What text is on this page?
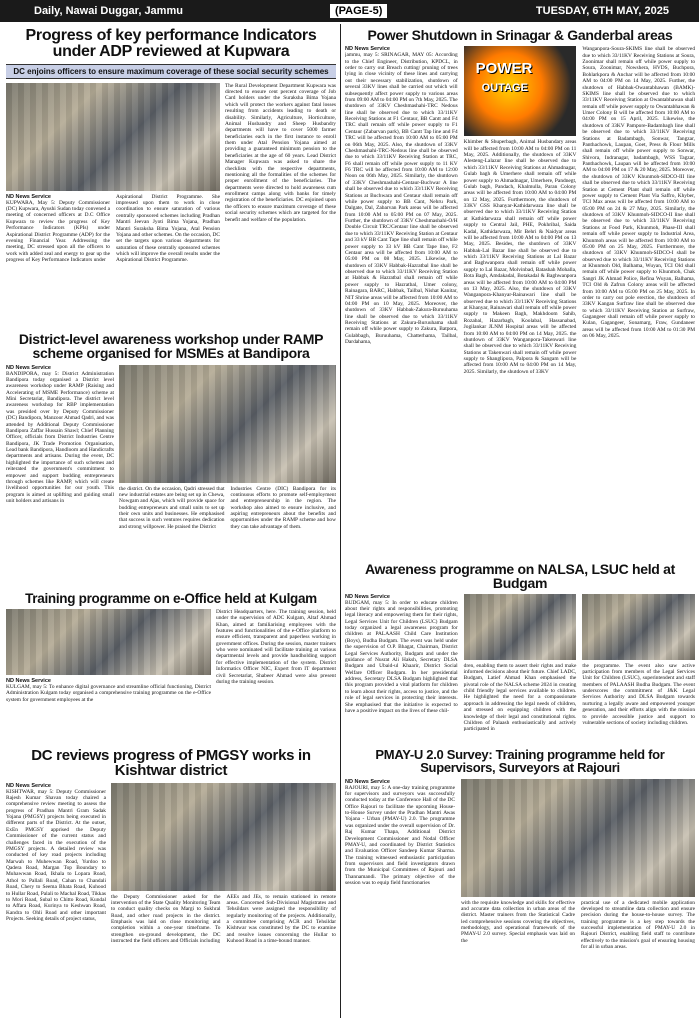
Daily, Nawai Duggar, Jammu	(PAGE-5)	TUESDAY, 6TH MAY, 2025
Progress of key performance Indicators under ADP reviewed at Kupwara
DC enjoins officers to ensure maximum coverage of these social security schemes
ND News Service
KUPWARA, May 5: Deputy Commissioner (DC) Kupwara, Ayushi Sudan today convened a meeting of concerned officers at D.C Office Kupwara to review the progress of Key Performance Indicators (KPIs) under Aspirational District Programme (ADP) for the evening Financial Year. Addressing the meeting, DC stressed upon all the officers to work with added zeal and energy to gear up the progress of Key Performance Indicators under
Aspirational District Programme. She impressed upon them to work in close coordination to ensure saturation of various centrally sponsored schemes including Pradhan Mantri Jeevan Jyoti Bima Yojana, Pradhan Mantri Suraksha Bima Yojana, Atal Pension Yojana and other schemes. On the occasion, DC set the targets upon various departments for saturation of these centrally sponsored schemes which will improve the overall results under the Aspirational District Programme.
The Rural Development Department Kupwara was directed to ensure cent percent coverage of Job Card holders under the Suraksha Bima Yojana which will protect the workers against fatal losses resulting from accidents leading to death or disability. Similarly, Agriculture, Horticulture, Animal Husbandry and Sheep Husbandry departments will have to cover 5000 farmer beneficiaries each in the first instance to enroll them under Atal Pension Yojana aimed at providing a guaranteed minimum pension to the beneficiaries at the age of 60 years. Lead District Manager Kupwara was asked to share the checklists with the respective departments, mentioning all the formalities of the schemes for proper enrollment of the beneficiaries. The departments were directed to hold awareness cum enrollment camps along with banks for timely registration of the beneficiaries. DC enjoined upon the officers to ensure maximum coverage of these social security schemes which are targeted for the benefit and welfare of the population.
Power Shutdown in Srinagar & Ganderbal areas
ND News Service
jammu, may 5: SRINAGAR, MAY 05: According to the Chief Engineer, Distribution, KPDCL, in order to carry out Breach cutting/ pruning of trees lying in close vicinity of these lines and carrying out their necessary stabilization, shutdown of several 33KV lines shall be carried out which will subsequently affect power supply to various areas from 09:00 AM to 04:00 PM on 7th May, 2025. The shutdown of 33KV Cheshmashahi-TRC Nedous line shall be observed due to which 33/11KV Receiving Stations at F1 Centaur, BB Cantt and F4 TRC shall remain off while power supply to F1 Centaur (Zabarvan park), BB Cantt Tap line and F4 TRC will be affected from 10:00 AM to 05:00 PM on 06th May, 2025. Also, the shutdown of 33KV Cheshmashahi-TRC-Nedous line shall be observed due to which 33/11KV Receiving Station at TRC, F6 shall remain off while power supply to 11 KV F6 TRC will be affected from 10:00 AM to 12:00 Noon on 06th May, 2025. Similarly, the shutdown of 33KV Cheshmashahi-Centaur-Buchwar A line shall be observed due to which 33/11KV Receiving Stations at Buchwara and Centaur shall remain off while power supply to BB Cant, Nehru Park, Dalgate, Dal, Zabarvan Park areas will be affected from 10:00 AM to 05:00 PM on 07 May, 2025. Further, the shutdown of 33KV Cheshmashahi-O/H Double Circuit TRC/Centaur line shall be observed due to which 33/11KV Receiving Station at Centaur and 33 kV BB Cant Tape line shall remain off while power supply to 33 kV BB Cant Tape line, F2 Centaur area will be affected from 10:00 AM to 05:00 PM on 08 May, 2025. Likewise, the shutdown of 33KV Habbak-Hazratbal line shall be observed due to which 33/11KV Receiving Station at Habbak & Hazratbal shall remain off while power supply to Hazratbal, Umer colony, Rainagara, BARC, Habbak, Tailbal, Nishat Kanitar, NIT Shrine areas will be affected from 10:00 AM to 04:00 PM on 10 May, 2025. Moreover, the shutdown of 33KV Habbak-Zakura-Buruuhama line shall be observed due to which 33/11KV Receiving Stations at Zakura-Buruuhama shall remain off while power supply to Zakura, Batpora, Gulabbagh, Buruuhama, Chatterhama, Tailbal, Dardahama,
POWER
OUTAGE
Khimber & Shuperbagh, Animal Husbandary areas will be affected from 10:00 AM to 04:00 PM on 11 May, 2025. Additionally, the shutdown of 33KV Alesteng-Lalazur line shall be observed due to which 33/11KV Receiving Stations at Ahmadnagar, Gulab bagh & Umerhere shall remain off while power supply to Ahmadnagar, Umerhere, Pandnegt, Gulab bagh, Pandach, Khalmulla, Paran Colony areas will be affected from 10:00 AM to 04:00 PM on 12 May, 2025. Furthermore, the shutdown of 33KV GSS Khanyar-Kathidarwaza line shall be observed due to which 33/11KV Receiving Station at Kathidarwaza shall remain off while power supply to Central Jail, PHE, Pokhribal, Saida Kadal, Kathidarwaza, Mir Behri & Naidyar areas will be affected from 10:00 AM to 04:00 PM on 13 May, 2025. Besides, the shutdown of 33KV Habbak-Lal Bazar line shall be observed due to which 33/11KV Receiving Stations at Lal Bazar and Baghwanpora shall remain off while power supply to Lal Bazar, Molvinbad, Batashah Mohalla, Bota Bagh, Amdakadal, Botakadal & Baghwanpora areas will be affected from 10:00 AM to 04:00 PM on 13 May, 2025. Also, the shutdown of 33KV Wanganpora-Khanyar-Rainawari line shall be observed due to which 33/11KV Receiving Stations at Khanyar, Rainawari shall remain off while power supply to Makeen Bagh, Makhdoom Sahib, Rozabal, Hazarbagh, Koolabal, Hassanabad, Jogilankar JLNM Hospital areas will be affected from 10:00 AM to 04:00 PM on 14 May, 2025. the shutdown of 33KV Wanganpora-Takenwari line shall be observed due to which 33/11KV Receiving Stations at Takenwari shall remain off while power supply to Shanglipora, Palpora & Sangam will be affected from 10:00 AM to 04:00 PM on 14 May, 2025. Similarly, the shutdown of 33KV
Wanganpora-Soura-SKIMS line shall be observed due to which 33/11KV Receiving Stations at Soura, Zoonimar shall remain off while power supply to Soura, Zoonimar, Nowshera, HVDS, Buchpora, Bohlarkpora & Anchar will be affected from 10:00 AM to 04:00 PM on 14 May, 2025. Further, the shutdown of Habbak-Owantabhawan (BAMK)-SKIMS line shall be observed due to which 33/11KV Receiving Station at Owantabhawan shall remain off while power supply to Owantabhawan & Umer Colony B will be affected from 10:00 AM to 04:00 PM on 15 April, 2025. Likewise, the shutdown of 33KV Pampore-Badambagh line shall be observed due to which 33/11KV Receiving Stations at Badambagh, Sonwar, Tangzar, Panthachowk, Laupan, Goet, Press & Flour Mills shall remain off while power supply to Sonwar, Shivora, Indranagar, badambagh, WSS Tagzar, Panthachowk, Laupan will be affected from 10:00 AM to 04:00 PM on 17 & 20 May, 2025. Moreover, the shutdown of 33KV Khunmoh-SIDCO-III line shall be observed due to which 33/11KV Receiving Station at Cement Plant shall remain off while power supply to Cement Plant Via Saffro, Khyber, TCI Max areas will be affected from 10:00 AM to 05:00 PM on 24 & 27 May, 2025. Similarly, the shutdown of 33KV Khunmoh-SIDCO-II line shall be observed due to which 33/11KV Receiving Stations at Food Park, Khunmoh, Phase-III shall remain off while power supply to Industrial Area, Khunmoh areas will be affected from 10:00 AM to 05:00 PM on 25 May, 2025. Furthermore, the shutdown of 33KV Khunmoh-SIDCO-I shall be observed due to which 33/11KV Receiving Stations at Khunmoh Old, Balhama, Wuyan, TCI Old shall remain off while power supply to Khunmoh, Chak Sangri JK Ahmad Police, Refina Wuyan, Balhama, TCI Old & Zafrun Colony areas will be affected from 10:00 AM to 05:00 PM on 25 May, 2025. In order to carry out pole erection, the shutdown of 33KV Kangan Surfraw line shall be observed due to which 33/11KV Receiving Station at Surfraw, Gagangeer shall remain off while power supply to Kulan, Gagangeer, Sonamarg, Fraw, Gundaneer areas will be affected from 10:00 AM to 01:30 PM on 06 May, 2025.
District-level awareness workshop under RAMP scheme organised for MSMEs at Bandipora
ND News Service
BANDIPORA, may 5: District Administration Bandipora today organised a District level awareness workshop under RAMP (Raising and Accelerating of MSME Performance) scheme at Mini Secretariat, Bandipora. The district level awareness workshop for RBP implementation was presided over by Deputy Commissioner (DC) Bandipora, Manzoor Ahmad Qadri, and was attended by Additional Deputy Commissioner Bandipora Zaffar Hussain Shawl; Chief Planning Officer, officials from District Industries Centre Bandipora, JK Trade Promotion Organisation, Lead bank Bandipora, Handloom and Handicrafts departments and artisans. During the event, DC highlighted the importance of such schemes and reiterated the government's commitment to empower and support budding entrepreneurs through schemes like RAMP, which will create livelihood opportunities for our youth. This program is aimed at uplifting and guiding small unit holders and artisans in
the district. On the occasion, Qadri stressed that new industrial estates are being set up in Chewa, Nowgam and Ajas, which will provide space for budding entrepreneurs and small units to set up their own units and businesses. He emphasised that success in such ventures requires dedication and strong willpower. He praised the District
Industries Centre (DIC) Bandipora for its continuous efforts to promote self-employment and entrepreneurship in the region. The workshop also aimed to ensure inclusive, and aspiring entrepreneurs about the benefits and opportunities under the RAMP scheme and how they can take advantage of them.
Awareness programme on NALSA, LSUC held at Budgam
ND News Service
BUDGAM, may 5: In order to educate children about their rights and responsibilities, promoting legal literacy and empowering them for their rights, Legal Services Unit for Children (LSUC) Budgam today organized a legal awareness program for children at PALAASH Child Care Institution (Boys), Budha Budgam. The event was held under the supervision of O.P. Bhagat, Chairman, District Legal Services Authority, Budgam and under the guidance of Nusrat Ali Haksh, Secretary DLSA Budgam and Ubaid-ul Khaarir, District Social Welfare Officer Budgam. In her presidential address, Secretary DLSA Budgam highlighted that this program provided a vital platform for children to learn about their rights, access to justice, and the role of legal services in protecting their interests. She emphasised that the initiative is expected to have a positive impact on the lives of these chil-
dren, enabling them to assert their rights and make informed decisions about their future. Chief LADC, Budgam, Latief Ahmad Khan emphasised the pivotal role of the NALSA scheme 2024 in creating child friendly legal services available to children. He highlighted the need for a compassionate approach in addressing the legal needs of children, and stressed on equipping children with the knowledge of their legal and constitutional rights. Children of Palaash enthusiastically and actively participated in
the programme. The event also saw active participation from members of the Legal Services Unit for Children (LSUC), superintendent and staff members of PALAASH Budha Budgam. The event underscores the commitment of J&K Legal Services Authority and DLSA Budgam towards nurturing a legally aware and empowered younger generation, and their efforts align with the mission to provide accessible justice and support to vulnerable sections of society including children.
Training programme on e-Office held at Kulgam
ND News Service
KULGAM, may 5: To enhance digital governance and streamline official functioning, District Administration Kulgam today organised a comprehensive training programme on the e-Office system for government employees at the
District Headquarters, here. The training session, held under the supervision of ADC Kulgam, Altaf Ahmad Khan, aimed at familiarising employees with the features and functionalities of the e-Office platform to ensure efficient, transparent and paperless working in government offices. During the session, master trainers who were nominated will facilitate training at various departmental levels and provide handholding support for effective implementation of the system. District Informatics Officer NIC, Expert from IT department civil Secretariat, Shabeer Ahmad were also present during the training session.
DC reviews progress of PMGSY works in Kishtwar district
ND News Service
KISHTWAR, may 5: Deputy Commissioner Rajesh Kumar Shavan today chaired a comprehensive review meeting to assess the progress of Pradhan Mantri Gram Sadak Yojana (PMGSY) projects being executed in different parts of the District. At the outset, ExEn PMGSY apprised the Deputy Commissioner of the current status and challenges faced in the execution of the PMGSY projects. A detailed review was conducted of key road projects including Marwah to Muhewwan Road, Yurdoo to Qadera Road, Margan Top Boundary to Muhawwan Road, Ikhala to Lopara Road, Athol to Pallali Road, Cahan to Chandali Road, Chery to Seema Bhata Road, Kuhood to Hullar Road, Palali to Machal Road, Tikkas to Mori Road, Subal to Chitto Road, Kundal to Affara Road, Kurinya to Keshwan Road, Kandra to Ohli Road and other important Projects. Seeking details of project status,
the Deputy Commissioner asked for the intervention of the State Quality Monitoring Team to conduct quality checks on Margi to Sukhral Road, and other road projects in the district. Emphasis was laid on close monitoring and completion within a one-year timeframe. To strengthen on-ground development, the DC instructed the field officers and Officials including
AEEs and JEs, to remain stationed in remote areas. Concerned Sub-Divisional Magistrates and Tehsildars were assigned the responsibility of regularly monitoring of the projects. Additionally, a committee comprising ACR and Tehsildar Kishtwar was constituted by the DC to examine and resolve issues concerning the Hullar to Kuhood Road in a time-bound manner.
PMAY-U 2.0 Survey: Training programme held for Supervisors, Surveyors at Rajouri
ND News Service
RAJOURI, may 5: A one-day training programme for supervisors and surveyors was successfully conducted today at the Conference Hall of the DC Office Rajouri to facilitate the upcoming House-to-House Survey under the Pradhan Mantri Awas Yojana - Urban (PMAY-U) 2.0. The programme was organized under the overall supervision of Dr. Raj Kumar Thapa, Additional District Development Commissioner and Nodal Officer PMAY-U, and coordinated by District Statistics and Evaluation Officer Sandeep Kumar Sharma. The training witnessed enthusiastic participation from supervisors and field investigators drawn from the Municipal Committees of Rajouri and Thannamandi. The primary objective of the session was to equip field functionaries
with the requisite knowledge and skills for effective and accurate data collection in urban areas of the district. Master trainers from the Statistical Cadre led comprehensive sessions covering the objectives, methodology, and operational framework of the PMAY-U 2.0 survey. Special emphasis was laid on the
practical use of a dedicated mobile application developed to streamline data collection and ensure precision during the house-to-house survey. The training programme is a key step towards the successful implementation of PMAY-U 2.0 in Rajouri District, enabling field staff to contribute effectively to the mission's goal of ensuring housing for all in urban areas.
